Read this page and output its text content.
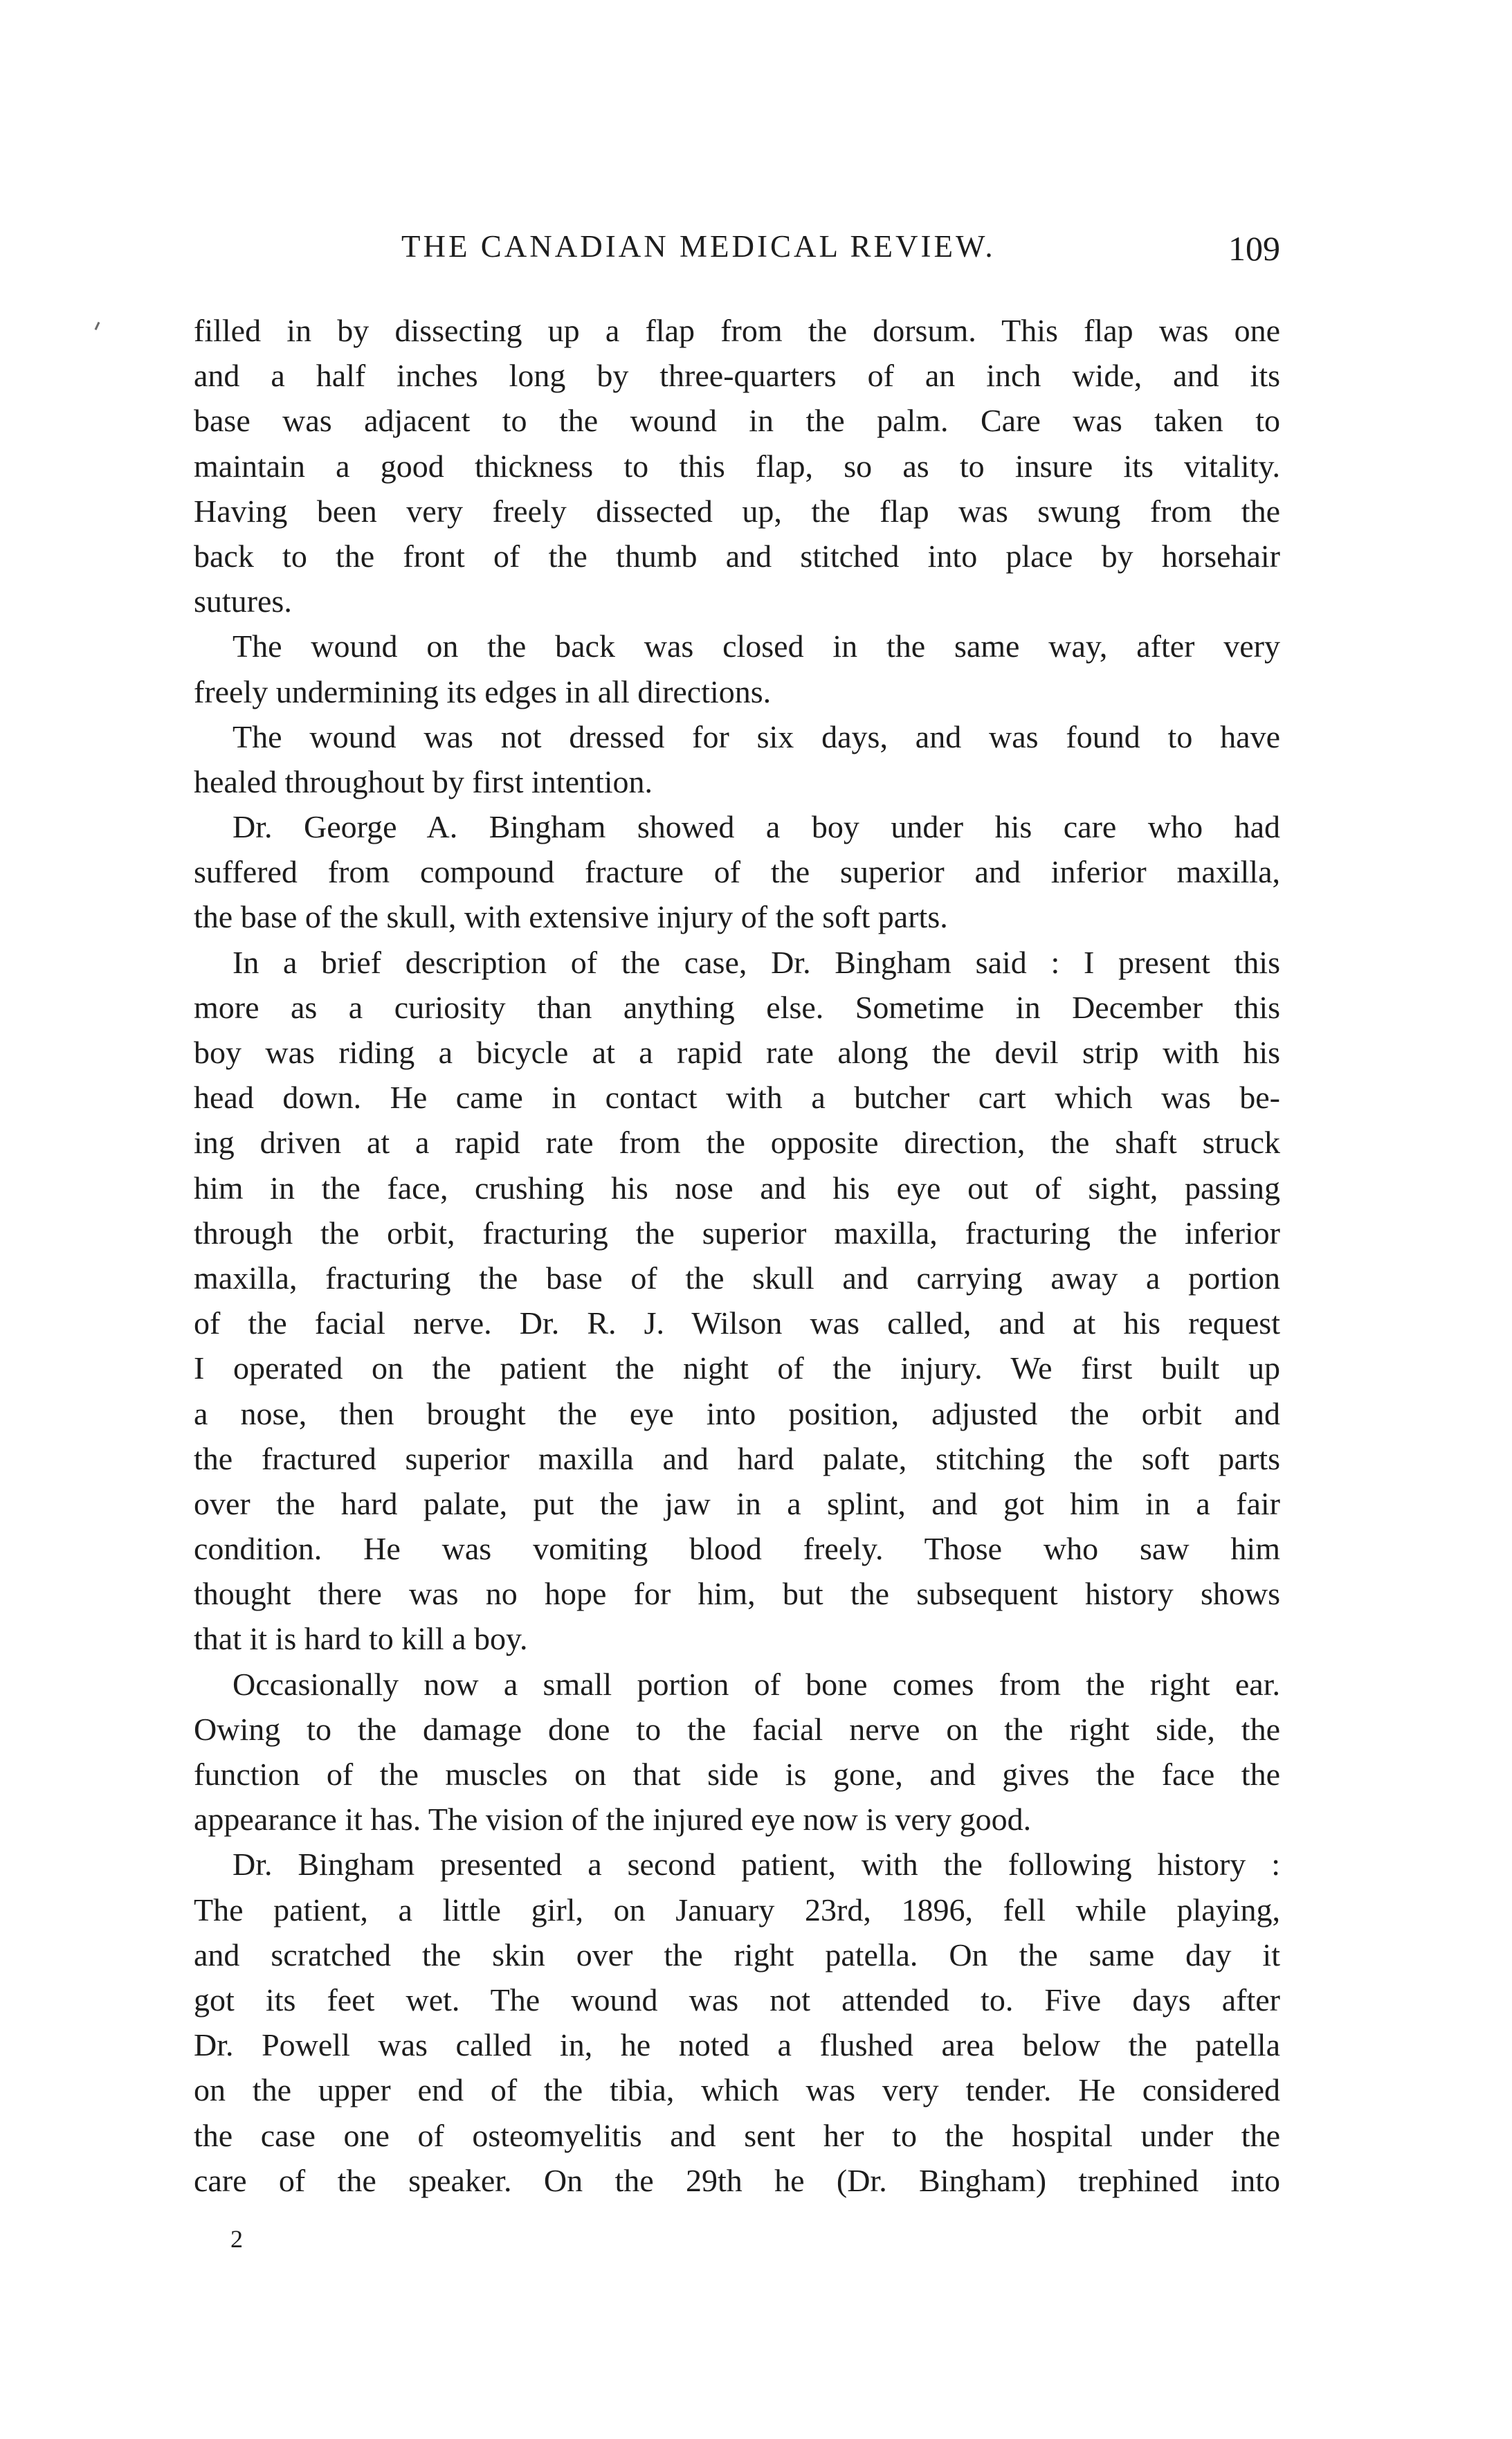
THE CANADIAN MEDICAL REVIEW.	109
filled in by dissecting up a flap from the dorsum. This flap was one
and a half inches long by three-quarters of an inch wide, and its
base was adjacent to the wound in the palm. Care was taken to
maintain a good thickness to this flap, so as to insure its vitality.
Having been very freely dissected up, the flap was swung from the
back to the front of the thumb and stitched into place by horsehair
sutures.
The wound on the back was closed in the same way, after very
freely undermining its edges in all directions.
The wound was not dressed for six days, and was found to have
healed throughout by first intention.
Dr. George A. Bingham showed a boy under his care who had
suffered from compound fracture of the superior and inferior maxilla,
the base of the skull, with extensive injury of the soft parts.
In a brief description of the case, Dr. Bingham said : I present this
more as a curiosity than anything else. Sometime in December this
boy was riding a bicycle at a rapid rate along the devil strip with his
head down. He came in contact with a butcher cart which was be-
ing driven at a rapid rate from the opposite direction, the shaft struck
him in the face, crushing his nose and his eye out of sight, passing
through the orbit, fracturing the superior maxilla, fracturing the inferior
maxilla, fracturing the base of the skull and carrying away a portion
of the facial nerve. Dr. R. J. Wilson was called, and at his request
I operated on the patient the night of the injury. We first built up
a nose, then brought the eye into position, adjusted the orbit and
the fractured superior maxilla and hard palate, stitching the soft parts
over the hard palate, put the jaw in a splint, and got him in a fair
condition. He was vomiting blood freely. Those who saw him
thought there was no hope for him, but the subsequent history shows
that it is hard to kill a boy.
Occasionally now a small portion of bone comes from the right ear.
Owing to the damage done to the facial nerve on the right side, the
function of the muscles on that side is gone, and gives the face the
appearance it has. The vision of the injured eye now is very good.
Dr. Bingham presented a second patient, with the following history :
The patient, a little girl, on January 23rd, 1896, fell while playing,
and scratched the skin over the right patella. On the same day it
got its feet wet. The wound was not attended to. Five days after
Dr. Powell was called in, he noted a flushed area below the patella
on the upper end of the tibia, which was very tender. He considered
the case one of osteomyelitis and sent her to the hospital under the
care of the speaker. On the 29th he (Dr. Bingham) trephined into
2
